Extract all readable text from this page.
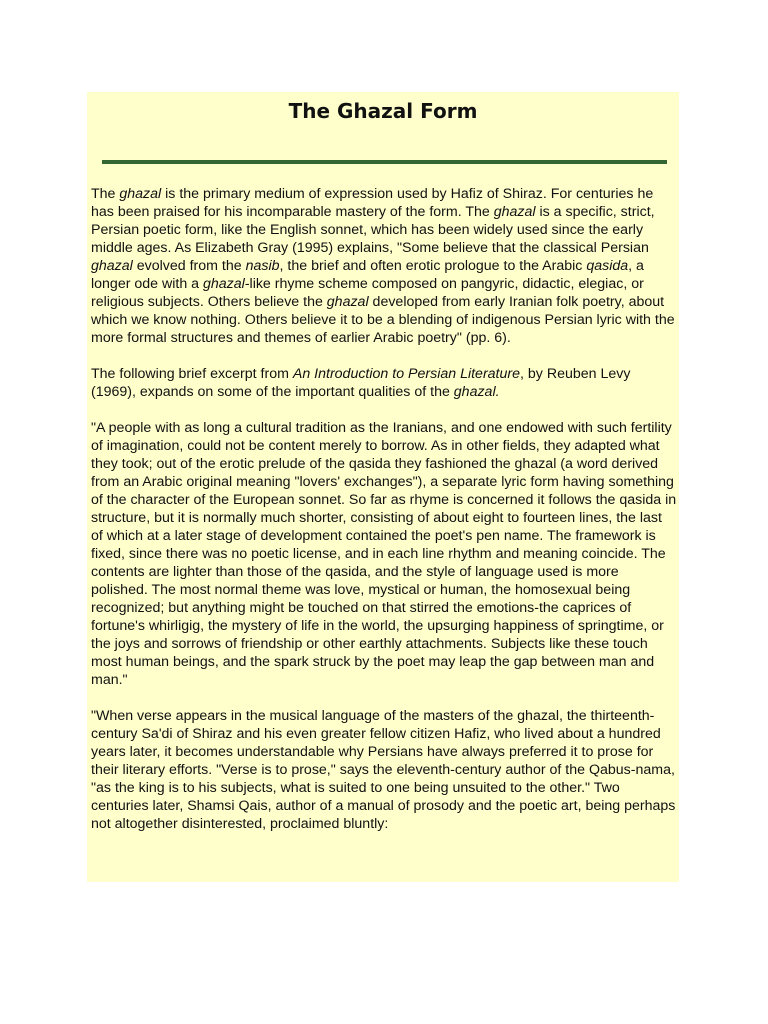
The Ghazal Form

The ghazal is the primary medium of expression used by Hafiz of Shiraz. For centuries he has been praised for his incomparable mastery of the form. The ghazal is a specific, strict, Persian poetic form, like the English sonnet, which has been widely used since the early middle ages. As Elizabeth Gray (1995) explains, "Some believe that the classical Persian ghazal evolved from the nasib, the brief and often erotic prologue to the Arabic qasida, a longer ode with a ghazal-like rhyme scheme composed on pangyric, didactic, elegiac, or religious subjects. Others believe the ghazal developed from early Iranian folk poetry, about which we know nothing. Others believe it to be a blending of indigenous Persian lyric with the more formal structures and themes of earlier Arabic poetry" (pp. 6).

The following brief excerpt from An Introduction to Persian Literature, by Reuben Levy (1969), expands on some of the important qualities of the ghazal.

"A people with as long a cultural tradition as the Iranians, and one endowed with such fertility of imagination, could not be content merely to borrow. As in other fields, they adapted what they took; out of the erotic prelude of the qasida they fashioned the ghazal (a word derived from an Arabic original meaning "lovers' exchanges"), a separate lyric form having something of the character of the European sonnet. So far as rhyme is concerned it follows the qasida in structure, but it is normally much shorter, consisting of about eight to fourteen lines, the last of which at a later stage of development contained the poet's pen name. The framework is fixed, since there was no poetic license, and in each line rhythm and meaning coincide. The contents are lighter than those of the qasida, and the style of language used is more polished. The most normal theme was love, mystical or human, the homosexual being recognized; but anything might be touched on that stirred the emotions-the caprices of fortune's whirligig, the mystery of life in the world, the upsurging happiness of springtime, or the joys and sorrows of friendship or other earthly attachments. Subjects like these touch most human beings, and the spark struck by the poet may leap the gap between man and man."

"When verse appears in the musical language of the masters of the ghazal, the thirteenth-century Sa'di of Shiraz and his even greater fellow citizen Hafiz, who lived about a hundred years later, it becomes understandable why Persians have always preferred it to prose for their literary efforts. "Verse is to prose," says the eleventh-century author of the Qabus-nama, "as the king is to his subjects, what is suited to one being unsuited to the other." Two centuries later, Shamsi Qais, author of a manual of prosody and the poetic art, being perhaps not altogether disinterested, proclaimed bluntly:
